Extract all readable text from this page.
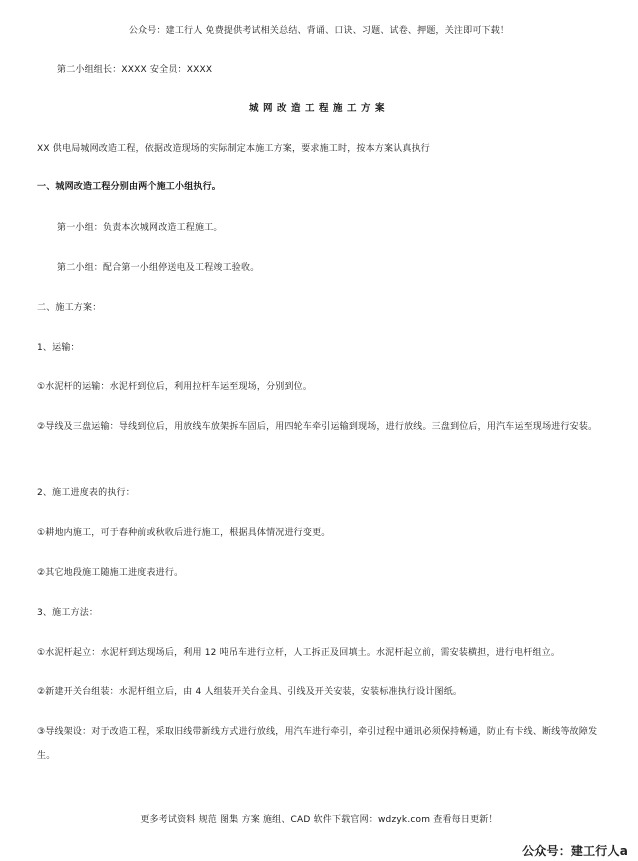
公众号：建工行人 免费提供考试相关总结、背诵、口诀、习题、试卷、押题，关注即可下载！
第二小组组长：XXXX 安全员：XXXX
城网改造工程施工方案
XX 供电局城网改造工程，依据改造现场的实际制定本施工方案，要求施工时，按本方案认真执行
一、城网改造工程分别由两个施工小组执行。
第一小组：负责本次城网改造工程施工。
第二小组：配合第一小组停送电及工程竣工验收。
二、施工方案：
1、运输：
①水泥杆的运输：水泥杆到位后，利用拉杆车运至现场，分别到位。
②导线及三盘运输：导线到位后，用放线车放架拆车固后，用四轮车牵引运输到现场，进行放线。三盘到位后，用汽车运至现场进行安装。
2、施工进度表的执行：
①耕地内施工，可于春种前或秋收后进行施工，根据具体情况进行变更。
②其它地段施工随施工进度表进行。
3、施工方法：
①水泥杆起立：水泥杆到达现场后，利用 12 吨吊车进行立杆，人工拆正及回填土。水泥杆起立前，需安装横担，进行电杆组立。
②新建开关台组装：水泥杆组立后，由 4 人组装开关台金具、引线及开关安装，安装标准执行设计图纸。
③导线架设：对于改造工程，采取旧线带新线方式进行放线，用汽车进行牵引，牵引过程中通讯必须保持畅通，防止有卡线、断线等故障发生。
更多考试资料 规范 图集 方案 施组、CAD 软件下载官网：wdzyk.com 查看每日更新！
公众号：建工行人a
